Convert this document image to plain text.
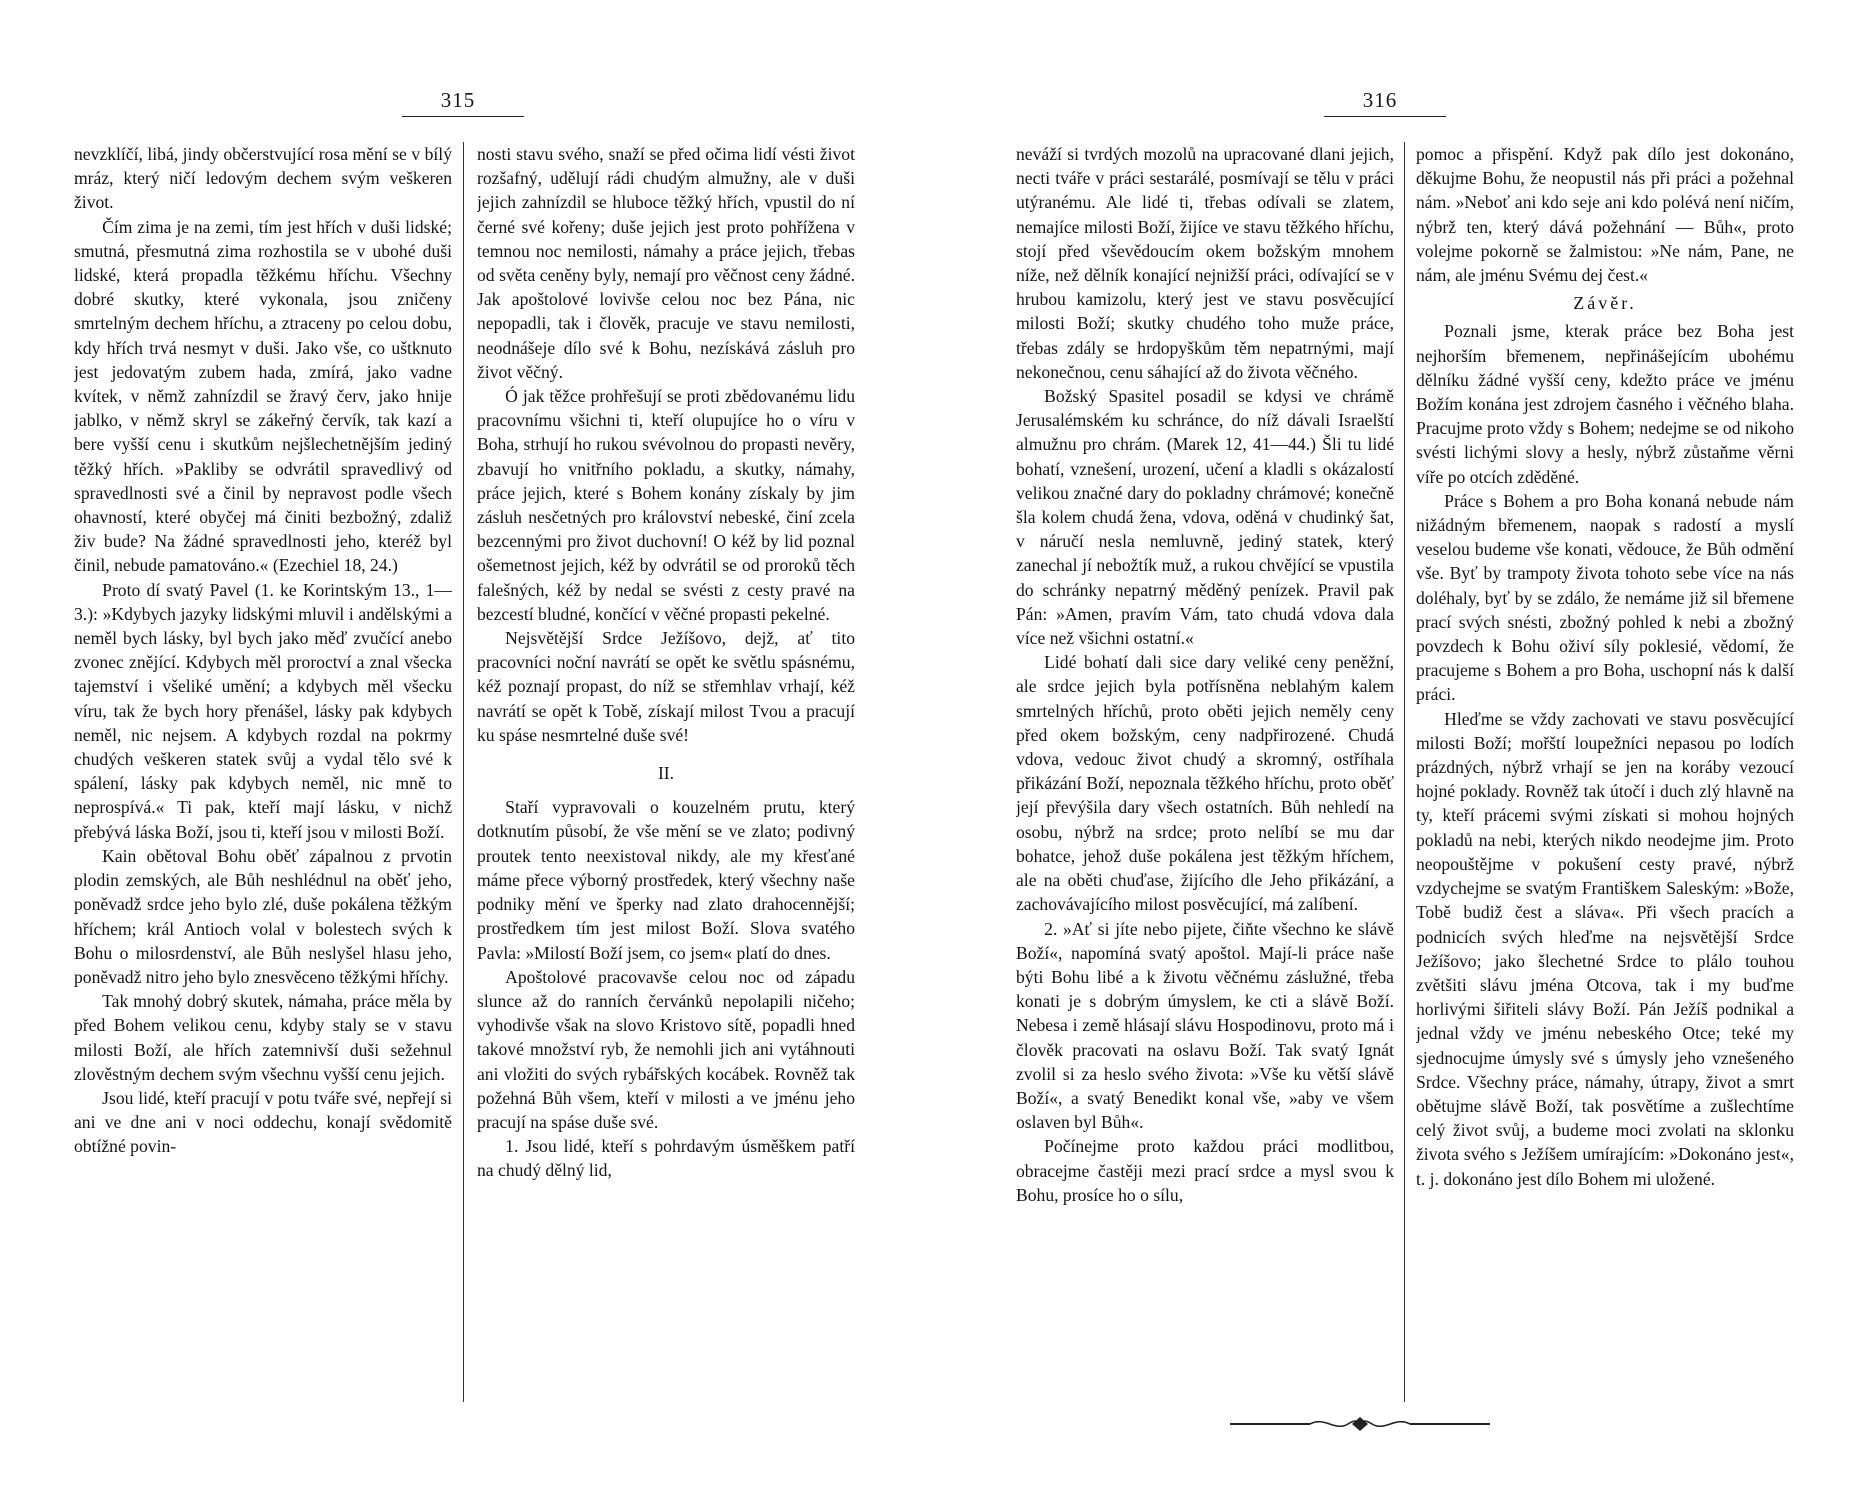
315

nevzklíčí, libá, jindy občerstvující rosa mění se v bílý mráz, který ničí ledovým dechem svým veškeren život.

Čím zima je na zemi, tím jest hřích v duši lidské; smutná, přesmutná zima rozhostila se v ubohé duši lidské, která propadla těžkému hříchu. Všechny dobré skutky, které vykonala, jsou zničeny smrtelným dechem hříchu, a ztraceny po celou dobu, kdy hřích trvá nesmyt v duši. Jako vše, co uštknuto jest jedovatým zubem hada, zmírá, jako vadne kvítek, v němž zahnízdil se žravý červ, jako hnije jablko, v němž skryl se zákeřný červík, tak kazí a bere vyšší cenu i skutkům nejšlechetnějším jediný těžký hřích. »Pakliby se odvrátil spravedlivý od spravedlnosti své a činil by nepravost podle všech ohavností, které obyčej má činiti bezbožný, zdaliž živ bude? Na žádné spravedlnosti jeho, kteréž byl činil, nebude pamatováno.« (Ezechiel 18, 24.)

Proto dí svatý Pavel (1. ke Korintským 13., 1—3.): »Kdybych jazyky lidskými mluvil i andělskými a neměl bych lásky, byl bych jako měď zvučící anebo zvonec znějící. Kdybych měl proroctví a znal všecka tajemství i všeliké umění; a kdybych měl všecku víru, tak že bych hory přenášel, lásky pak kdybych neměl, nic nejsem. A kdybych rozdal na pokrmy chudých veškeren statek svůj a vydal tělo své k spálení, lásky pak kdybych neměl, nic mně to neprospívá.« Ti pak, kteří mají lásku, v nichž přebývá láska Boží, jsou ti, kteří jsou v milosti Boží.

Kain obětoval Bohu oběť zápalnou z prvotin plodin zemských, ale Bůh neshlédnul na oběť jeho, poněvadž srdce jeho bylo zlé, duše pokálena těžkým hříchem; král Antioch volal v bolestech svých k Bohu o milosrdenství, ale Bůh neslyšel hlasu jeho, poněvadž nitro jeho bylo znesvěceno těžkými hříchy.

Tak mnohý dobrý skutek, námaha, práce měla by před Bohem velikou cenu, kdyby staly se v stavu milosti Boží, ale hřích zatemnivší duši sežehnul zlověstným dechem svým všechnu vyšší cenu jejich.

Jsou lidé, kteří pracují v potu tváře své, nepřejí si ani ve dne ani v noci oddechu, konají svědomitě obtížné povin-

nosti stavu svého, snaží se před očima lidí vésti život rozšafný, udělují rádi chudým almužny, ale v duši jejich zahnízdil se hluboce těžký hřích, vpustil do ní černé své kořeny; duše jejich jest proto pohřížena v temnou noc nemilosti, námahy a práce jejich, třebas od světa ceněny byly, nemají pro věčnost ceny žádné. Jak apoštolové lovivše celou noc bez Pána, nic nepopadli, tak i člověk, pracuje ve stavu nemilosti, neodnášeje dílo své k Bohu, nezískává zásluh pro život věčný.

Ó jak těžce prohřešují se proti zbědovanému lidu pracovnímu všichni ti, kteří olupujíce ho o víru v Boha, strhují ho rukou svévolnou do propasti nevěry, zbavují ho vnitřního pokladu, a skutky, námahy, práce jejich, které s Bohem konány získaly by jim zásluh nesčetných pro království nebeské, činí zcela bezcennými pro život duchovní! O kéž by lid poznal ošemetnost jejich, kéž by odvrátil se od proroků těch falešných, kéž by nedal se svésti z cesty pravé na bezcestí bludné, končící v věčné propasti pekelné.

Nejsvětější Srdce Ježíšovo, dejž, ať tito pracovníci noční navrátí se opět ke světlu spásnému, kéž poznají propast, do níž se střemhlav vrhají, kéž navrátí se opět k Tobě, získají milost Tvou a pracují ku spáse nesmrtelné duše své!

II.

Staří vypravovali o kouzelném prutu, který dotknutím působí, že vše mění se ve zlato; podivný proutek tento neexistoval nikdy, ale my křesťané máme přece výborný prostředek, který všechny naše podniky mění ve šperky nad zlato drahocennější; prostředkem tím jest milost Boží. Slova svatého Pavla: »Milostí Boží jsem, co jsem« platí do dnes.

Apoštolové pracovavše celou noc od západu slunce až do ranních červánků nepolapili ničeho; vyhodivše však na slovo Kristovo sítě, popadli hned takové množství ryb, že nemohli jich ani vytáhnouti ani vložiti do svých rybářských kocábek. Rovněž tak požehná Bůh všem, kteří v milosti a ve jménu jeho pracují na spáse duše své.

1. Jsou lidé, kteří s pohrdavým úsměškem patří na chudý dělný lid,

316

neváží si tvrdých mozolů na upracované dlani jejich, necti tváře v práci sestarálé, posmívají se tělu v práci utýranému. Ale lidé ti, třebas odívali se zlatem, nemajíce milosti Boží, žijíce ve stavu těžkého hříchu, stojí před vševědoucím okem božským mnohem níže, než dělník konající nejnižší práci, odívající se v hrubou kamizolu, který jest ve stavu posvěcující milosti Boží; skutky chudého toho muže práce, třebas zdály se hrdopyškům těm nepatrnými, mají nekonečnou, cenu sáhající až do života věčného.

Božský Spasitel posadil se kdysi ve chrámě Jerusalémském ku schránce, do níž dávali Israelští almužnu pro chrám. (Marek 12, 41—44.) Šli tu lidé bohatí, vznešení, urození, učení a kladli s okázalostí velikou značné dary do pokladny chrámové; konečně šla kolem chudá žena, vdova, oděná v chudinký šat, v náručí nesla nemluvně, jediný statek, který zanechal jí nebožtík muž, a rukou chvějící se vpustila do schránky nepatrný měděný penízek. Pravil pak Pán: »Amen, pravím Vám, tato chudá vdova dala více než všichni ostatní.«

Lidé bohatí dali sice dary veliké ceny peněžní, ale srdce jejich byla potřísněna neblahým kalem smrtelných hříchů, proto oběti jejich neměly ceny před okem božským, ceny nadpřirozené. Chudá vdova, vedouc život chudý a skromný, ostříhala přikázání Boží, nepoznala těžkého hříchu, proto oběť její převýšila dary všech ostatních. Bůh nehledí na osobu, nýbrž na srdce; proto nelíbí se mu dar bohatce, jehož duše pokálena jest těžkým hříchem, ale na oběti chuďase, žijícího dle Jeho přikázání, a zachovávajícího milost posvěcující, má zalíbení.

2. »Ať si jíte nebo pijete, čiňte všechno ke slávě Boží«, napomíná svatý apoštol. Mají-li práce naše býti Bohu libé a k životu věčnému záslužné, třeba konati je s dobrým úmyslem, ke cti a slávě Boží. Nebesa i země hlásají slávu Hospodinovu, proto má i člověk pracovati na oslavu Boží. Tak svatý Ignát zvolil si za heslo svého života: »Vše ku větší slávě Boží«, a svatý Benedikt konal vše, »aby ve všem oslaven byl Bůh«.

Počínejme proto každou práci modlitbou, obracejme častěji mezi prací srdce a mysl svou k Bohu, prosíce ho o sílu,

pomoc a přispění. Když pak dílo jest dokonáno, děkujme Bohu, že neopustil nás při práci a požehnal nám. »Neboť ani kdo seje ani kdo polévá není ničím, nýbrž ten, který dává požehnání — Bůh«, proto volejme pokorně se žalmistou: »Ne nám, Pane, ne nám, ale jménu Svému dej čest.«

Závěr.

Poznali jsme, kterak práce bez Boha jest nejhorším břemenem, nepřinášejícím ubohému dělníku žádné vyšší ceny, kdežto práce ve jménu Božím konána jest zdrojem časného i věčného blaha. Pracujme proto vždy s Bohem; nedejme se od nikoho svésti lichými slovy a hesly, nýbrž zůstaňme věrni víře po otcích zděděné.

Práce s Bohem a pro Boha konaná nebude nám nižádným břemenem, naopak s radostí a myslí veselou budeme vše konati, vědouce, že Bůh odmění vše. Byť by trampoty života tohoto sebe více na nás doléhaly, byť by se zdálo, že nemáme již sil břemene prací svých snésti, zbožný pohled k nebi a zbožný povzdech k Bohu oživí síly poklesié, vědomí, že pracujeme s Bohem a pro Boha, uschopní nás k další práci.

Hleďme se vždy zachovati ve stavu posvěcující milosti Boží; mořští loupežníci nepasou po lodích prázdných, nýbrž vrhají se jen na koráby vezoucí hojné poklady. Rovněž tak útočí i duch zlý hlavně na ty, kteří prácemi svými získati si mohou hojných pokladů na nebi, kterých nikdo neodejme jim. Proto neopouštějme v pokušení cesty pravé, nýbrž vzdychejme se svatým Františkem Saleským: »Bože, Tobě budiž čest a sláva«. Při všech pracích a podnicích svých hleďme na nejsvětější Srdce Ježíšovo; jako šlechetné Srdce to plálo touhou zvětšiti slávu jména Otcova, tak i my buďme horlivými šiřiteli slávy Boží. Pán Ježíš podnikal a jednal vždy ve jménu nebeského Otce; teké my sjednocujme úmysly své s úmysly jeho vznešeného Srdce. Všechny práce, námahy, útrapy, život a smrt obětujme slávě Boží, tak posvětíme a zušlechtíme celý život svůj, a budeme moci zvolati na sklonku života svého s Ježíšem umírajícím: »Dokonáno jest«, t. j. dokonáno jest dílo Bohem mi uložené.
